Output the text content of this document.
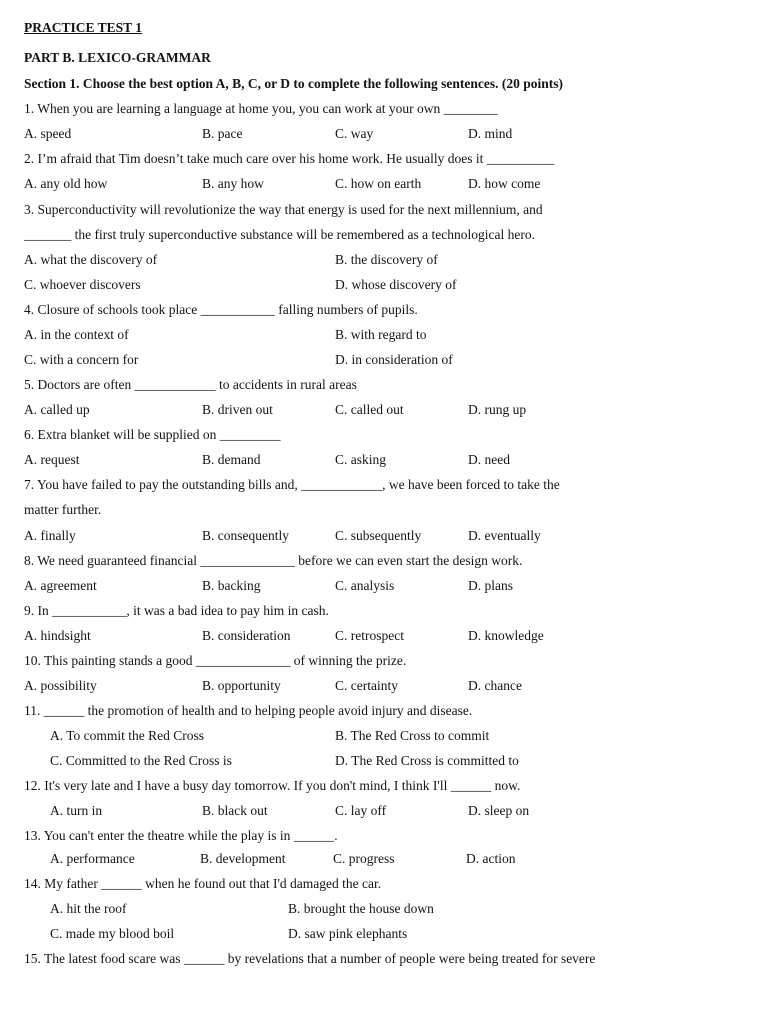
PRACTICE TEST 1
PART B. LEXICO-GRAMMAR
Section 1. Choose the best option A, B, C, or D to complete the following sentences. (20 points)
1. When you are learning a language at home you, you can work at your own ________
A. speed	B. pace	C. way	D. mind
2. I’m afraid that Tim doesn’t take much care over his home work. He usually does it __________
A. any old how	B. any how	C. how on earth	D. how come
3. Superconductivity will revolutionize the way that energy is used for the next millennium, and
_______ the first truly superconductive substance will be remembered as a technological hero.
A. what the discovery of	B. the discovery of
C. whoever discovers	D. whose discovery of
4. Closure of schools took place ___________ falling numbers of pupils.
A. in the context of	B. with regard to
C. with a concern for	D. in consideration of
5. Doctors are often ____________ to accidents in rural areas
A. called up	B. driven out	C. called out	D. rung up
6. Extra blanket will be supplied on _________
A. request	B. demand	C. asking	D. need
7. You have failed to pay the outstanding bills and, ____________, we have been forced to take the
matter further.
A. finally	B. consequently	C. subsequently	D. eventually
8. We need guaranteed financial ______________ before we can even start the design work.
A. agreement	B. backing	C. analysis	D. plans
9. In ___________, it was a bad idea to pay him in cash.
A. hindsight	B. consideration	C. retrospect	D. knowledge
10. This painting stands a good ______________ of winning the prize.
A. possibility	B. opportunity	C. certainty	D. chance
11. ______ the promotion of health and to helping people avoid injury and disease.
A. To commit the Red Cross	B. The Red Cross to commit
C. Committed to the Red Cross is	D. The Red Cross is committed to
12. It's very late and I have a busy day tomorrow. If you don't mind, I think I'll ______ now.
A. turn in	B. black out	C. lay off	D. sleep on
13. You can't enter the theatre while the play is in ______.
A. performance	B. development	C. progress	D. action
14. My father ______ when he found out that I'd damaged the car.
A. hit the roof	B. brought the house down
C. made my blood boil	D. saw pink elephants
15. The latest food scare was ______ by revelations that a number of people were being treated for severe
